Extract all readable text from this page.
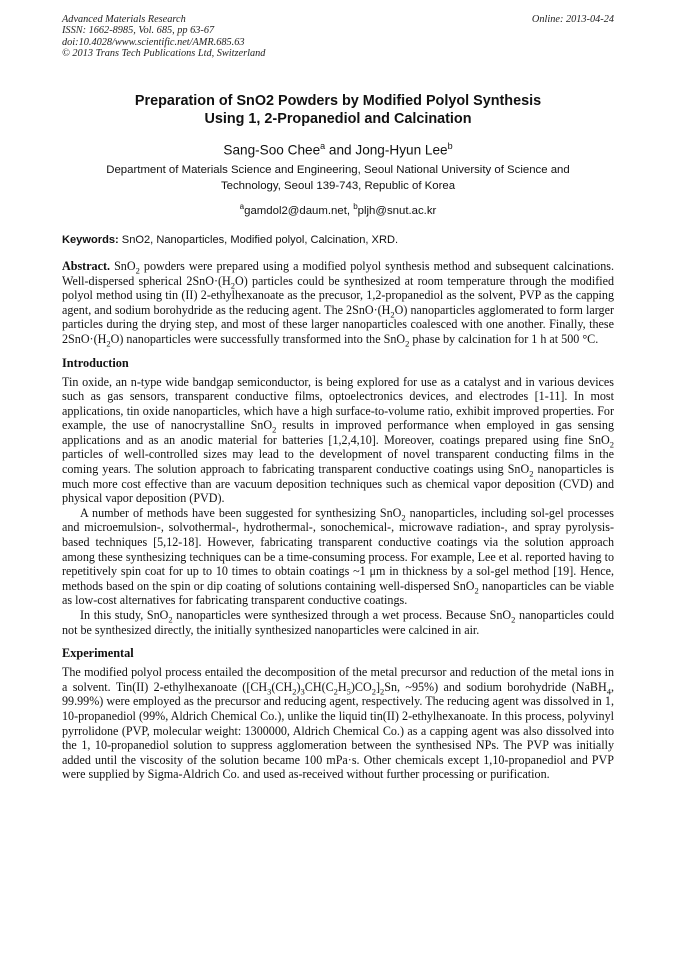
Advanced Materials Research
ISSN: 1662-8985, Vol. 685, pp 63-67
doi:10.4028/www.scientific.net/AMR.685.63
© 2013 Trans Tech Publications Ltd, Switzerland
Online: 2013-04-24
Preparation of SnO2 Powders by Modified Polyol Synthesis
Using 1, 2-Propanediol and Calcination
Sang-Soo Chee$^a$ and Jong-Hyun Lee$^b$
Department of Materials Science and Engineering, Seoul National University of Science and Technology, Seoul 139-743, Republic of Korea
$^a$gamdol2@daum.net, $^b$pljh@snut.ac.kr
Keywords: SnO2, Nanoparticles, Modified polyol, Calcination, XRD.

Abstract. SnO$_2$ powders were prepared using a modified polyol synthesis method and subsequent calcinations. Well-dispersed spherical $2SnO\cdot(H_2O)$ particles could be synthesized at room temperature through the modified polyol method using tin (II) 2-ethylhexanoate as the precusor, 1,2-propanediol as the solvent, PVP as the capping agent, and sodium borohydride as the reducing agent. The $2SnO\cdot(H_2O)$ nanoparticles agglomerated to form larger particles during the drying step, and most of these larger nanoparticles coalesced with one another. Finally, these $2SnO\cdot(H_2O)$ nanoparticles were successfully transformed into the SnO$_2$ phase by calcination for 1 h at 500 °C.

Introduction

Tin oxide, an n-type wide bandgap semiconductor, is being explored for use as a catalyst and in various devices such as gas sensors, transparent conductive films, optoelectronics devices, and electrodes [1-11]. In most applications, tin oxide nanoparticles, which have a high surface-to-volume ratio, exhibit improved properties. For example, the use of nanocrystalline SnO$_2$ results in improved performance when employed in gas sensing applications and as an anodic material for batteries [1,2,4,10]. Moreover, coatings prepared using fine SnO$_2$ particles of well-controlled sizes may lead to the development of novel transparent conducting films in the coming years. The solution approach to fabricating transparent conductive coatings using SnO$_2$ nanoparticles is much more cost effective than are vacuum deposition techniques such as chemical vapor deposition (CVD) and physical vapor deposition (PVD).

A number of methods have been suggested for synthesizing SnO$_2$ nanoparticles, including sol-gel processes and microemulsion-, solvothermal-, hydrothermal-, sonochemical-, microwave radiation-, and spray pyrolysis-based techniques [5,12-18]. However, fabricating transparent conductive coatings via the solution approach among these synthesizing techniques can be a time-consuming process. For example, Lee et al. reported having to repetitively spin coat for up to 10 times to obtain coatings ~1 μm in thickness by a sol-gel method [19]. Hence, methods based on the spin or dip coating of solutions containing well-dispersed SnO$_2$ nanoparticles can be viable as low-cost alternatives for fabricating transparent conductive coatings.

In this study, SnO$_2$ nanoparticles were synthesized through a wet process. Because SnO$_2$ nanoparticles could not be synthesized directly, the initially synthesized nanoparticles were calcined in air.

Experimental

The modified polyol process entailed the decomposition of the metal precursor and reduction of the metal ions in a solvent. Tin(II) 2-ethylhexanoate ($[CH_3(CH_2)_3CH(C_2H_5)CO_2]_2Sn$, ~95%) and sodium borohydride (NaBH$_4$, 99.99%) were employed as the precursor and reducing agent, respectively. The reducing agent was dissolved in 1, 10-propanediol (99%, Aldrich Chemical Co.), unlike the liquid tin(II) 2-ethylhexanoate. In this process, polyvinyl pyrrolidone (PVP, molecular weight: 1300000, Aldrich Chemical Co.) as a capping agent was also dissolved into the 1, 10-propanediol solution to suppress agglomeration between the synthesised NPs. The PVP was initially added until the viscosity of the solution became 100 mPa·s. Other chemicals except 1,10-propanediol and PVP were supplied by Sigma-Aldrich Co. and used as-received without further processing or purification.
